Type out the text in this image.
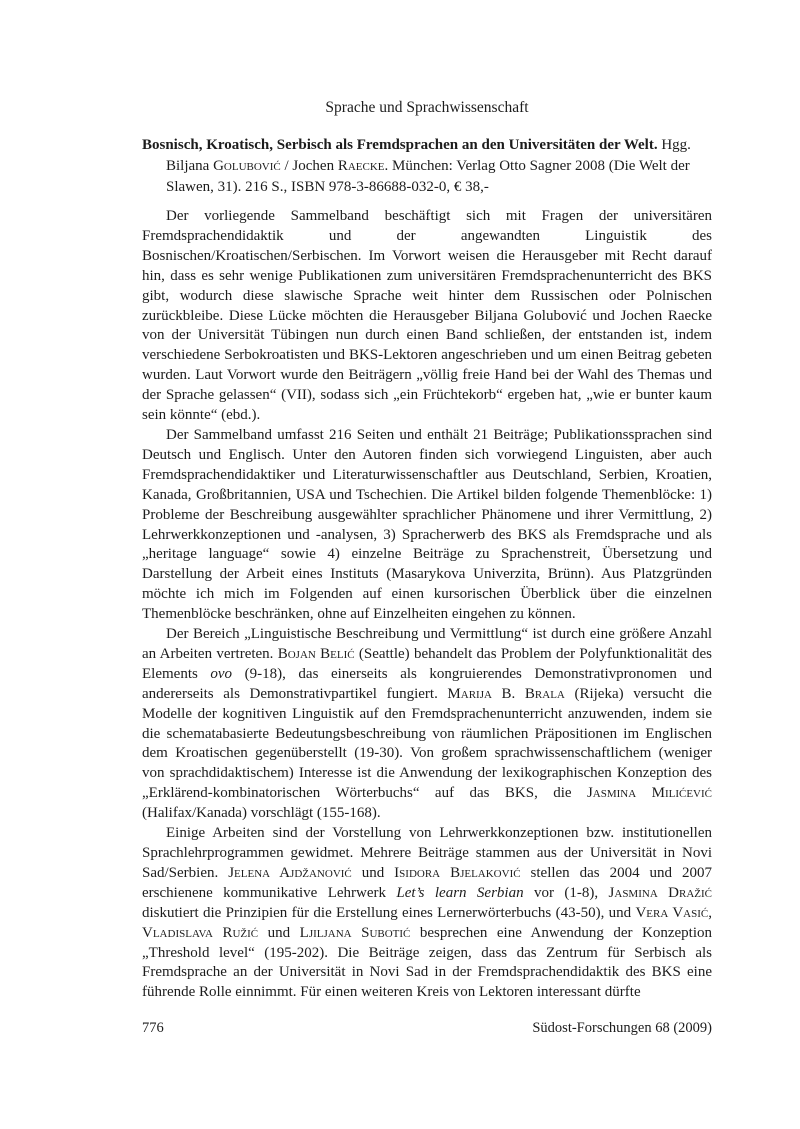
Sprache und Sprachwissenschaft

Bosnisch, Kroatisch, Serbisch als Fremdsprachen an den Universitäten der Welt. Hgg. Biljana Golubović / Jochen Raecke. München: Verlag Otto Sagner 2008 (Die Welt der Slawen, 31). 216 S., ISBN 978-3-86688-032-0, € 38,-

Der vorliegende Sammelband beschäftigt sich mit Fragen der universitären Fremdsprachendidaktik und der angewandten Linguistik des Bosnischen/Kroatischen/Serbischen. Im Vorwort weisen die Herausgeber mit Recht darauf hin, dass es sehr wenige Publikationen zum universitären Fremdsprachenunterricht des BKS gibt, wodurch diese slawische Sprache weit hinter dem Russischen oder Polnischen zurückbleibe. Diese Lücke möchten die Herausgeber Biljana Golubović und Jochen Raecke von der Universität Tübingen nun durch einen Band schließen, der entstanden ist, indem verschiedene Serbokroatisten und BKS-Lektoren angeschrieben und um einen Beitrag gebeten wurden. Laut Vorwort wurde den Beiträgern „völlig freie Hand bei der Wahl des Themas und der Sprache gelassen“ (VII), sodass sich „ein Früchtekorb“ ergeben hat, „wie er bunter kaum sein könnte“ (ebd.).

Der Sammelband umfasst 216 Seiten und enthält 21 Beiträge; Publikationssprachen sind Deutsch und Englisch. Unter den Autoren finden sich vorwiegend Linguisten, aber auch Fremdsprachendidaktiker und Literaturwissenschaftler aus Deutschland, Serbien, Kroatien, Kanada, Großbritannien, USA und Tschechien. Die Artikel bilden folgende Themenblöcke: 1) Probleme der Beschreibung ausgewählter sprachlicher Phänomene und ihrer Vermittlung, 2) Lehrwerkkonzeptionen und -analysen, 3) Spracherwerb des BKS als Fremdsprache und als „heritage language“ sowie 4) einzelne Beiträge zu Sprachenstreit, Übersetzung und Darstellung der Arbeit eines Instituts (Masarykova Univerzita, Brünn). Aus Platzgründen möchte ich mich im Folgenden auf einen kursorischen Überblick über die einzelnen Themenblöcke beschränken, ohne auf Einzelheiten eingehen zu können.

Der Bereich „Linguistische Beschreibung und Vermittlung“ ist durch eine größere Anzahl an Arbeiten vertreten. Bojan Belić (Seattle) behandelt das Problem der Polyfunktionalität des Elements ovo (9-18), das einerseits als kongruierendes Demonstrativpronomen und andererseits als Demonstrativpartikel fungiert. Marija B. Brala (Rijeka) versucht die Modelle der kognitiven Linguistik auf den Fremdsprachenunterricht anzuwenden, indem sie die schematabasierte Bedeutungsbeschreibung von räumlichen Präpositionen im Englischen dem Kroatischen gegenüberstellt (19-30). Von großem sprachwissenschaftlichem (weniger von sprachdidaktischem) Interesse ist die Anwendung der lexikographischen Konzeption des „Erklärend-kombinatorischen Wörterbuchs“ auf das BKS, die Jasmina Milićević (Halifax/Kanada) vorschlägt (155-168).

Einige Arbeiten sind der Vorstellung von Lehrwerkkonzeptionen bzw. institutionellen Sprachlehrprogrammen gewidmet. Mehrere Beiträge stammen aus der Universität in Novi Sad/Serbien. Jelena Ajdžanović und Isidora Bjelaković stellen das 2004 und 2007 erschienene kommunikative Lehrwerk Let’s learn Serbian vor (1-8), Jasmina Dražić diskutiert die Prinzipien für die Erstellung eines Lernerwörterbuchs (43-50), und Vera Vasić, Vladislava Ružić und Ljiljana Subotić besprechen eine Anwendung der Konzeption „Threshold level“ (195-202). Die Beiträge zeigen, dass das Zentrum für Serbisch als Fremdsprache an der Universität in Novi Sad in der Fremdsprachendidaktik des BKS eine führende Rolle einnimmt. Für einen weiteren Kreis von Lektoren interessant dürfte

776	Südost-Forschungen 68 (2009)
